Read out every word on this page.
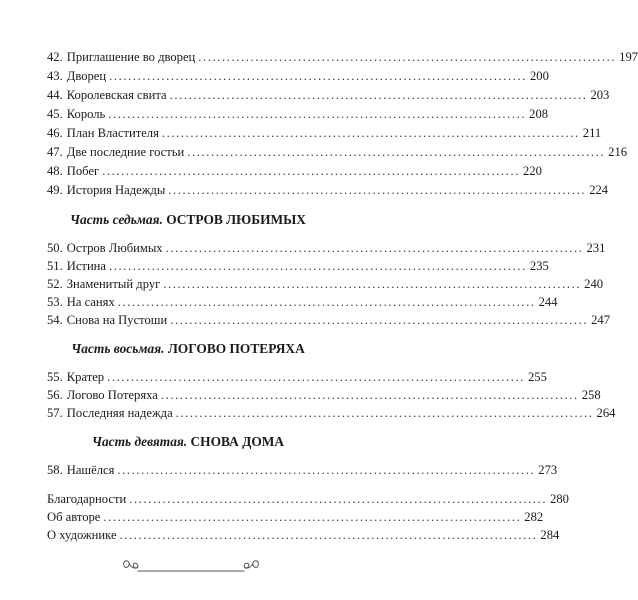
42. Приглашение во дворец ........................................................................................ 197
43. Дворец ........................................................................................ 200
44. Королевская свита ........................................................................................ 203
45. Король ........................................................................................ 208
46. План Властителя ........................................................................................ 211
47. Две последние гостьи ........................................................................................ 216
48. Побег ........................................................................................ 220
49. История Надежды ........................................................................................ 224
Часть седьмая. ОСТРОВ ЛЮБИМЫХ
50. Остров Любимых ........................................................................................ 231
51. Истина ........................................................................................ 235
52. Знаменитый друг ........................................................................................ 240
53. На санях ........................................................................................ 244
54. Снова на Пустоши ........................................................................................ 247
Часть восьмая. ЛОГОВО ПОТЕРЯХА
55. Кратер ........................................................................................ 255
56. Логово Потеряха ........................................................................................ 258
57. Последняя надежда ........................................................................................ 264
Часть девятая. СНОВА ДОМА
58. Нашёлся ........................................................................................ 273
Благодарности ........................................................................................ 280
Об авторе ........................................................................................ 282
О художнике ........................................................................................ 284
